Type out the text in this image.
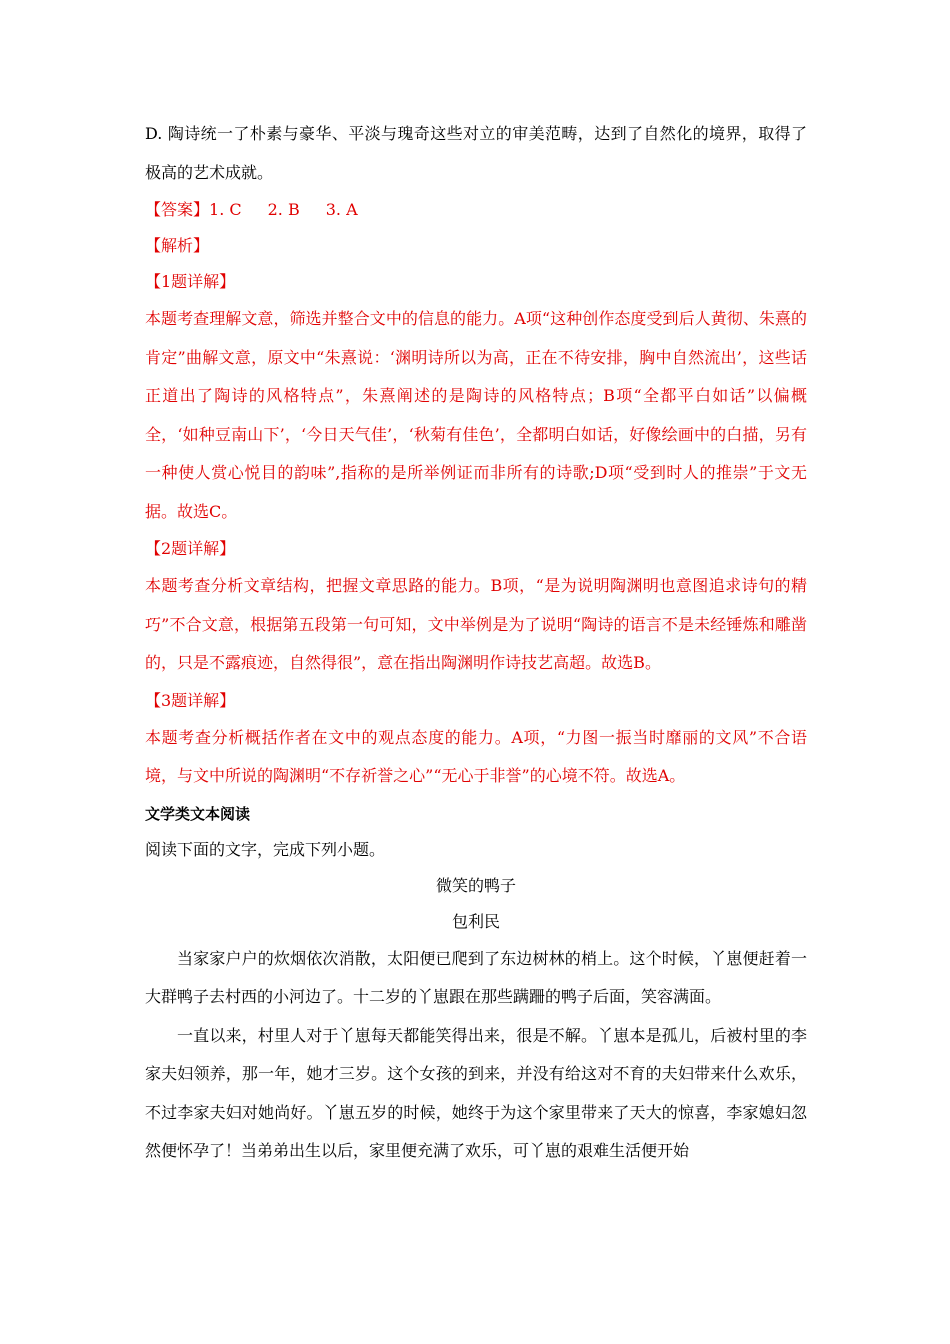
D. 陶诗统一了朴素与豪华、平淡与瑰奇这些对立的审美范畴，达到了自然化的境界，取得了极高的艺术成就。

【答案】1. C 2. B 3. A

【解析】

【1题详解】

本题考查理解文意，筛选并整合文中的信息的能力。A项“这种创作态度受到后人黄彻、朱熹的肯定”曲解文意，原文中“朱熹说：‘渊明诗所以为高，正在不待安排，胸中自然流出’，这些话正道出了陶诗的风格特点”，朱熹阐述的是陶诗的风格特点；B项“全都平白如话”以偏概全，‘如种豆南山下’，‘今日天气佳’，‘秋菊有佳色’，全都明白如话，好像绘画中的白描，另有一种使人赏心悦目的韵味”,指称的是所举例证而非所有的诗歌;D项“受到时人的推崇”于文无据。故选C。

【2题详解】

本题考查分析文章结构，把握文章思路的能力。B项，“是为说明陶渊明也意图追求诗句的精巧”不合文意，根据第五段第一句可知，文中举例是为了说明“陶诗的语言不是未经锤炼和雕凿的，只是不露痕迹，自然得很”，意在指出陶渊明作诗技艺高超。故选B。

【3题详解】

本题考查分析概括作者在文中的观点态度的能力。A项，“力图一振当时靡丽的文风”不合语境，与文中所说的陶渊明“不存祈誉之心”“无心于非誉”的心境不符。故选A。

文学类文本阅读

阅读下面的文字，完成下列小题。

微笑的鸭子

包利民

当家家户户的炊烟依次消散，太阳便已爬到了东边树林的梢上。这个时候，丫崽便赶着一大群鸭子去村西的小河边了。十二岁的丫崽跟在那些蹒跚的鸭子后面，笑容满面。

一直以来，村里人对于丫崽每天都能笑得出来，很是不解。丫崽本是孤儿，后被村里的李家夫妇领养，那一年，她才三岁。这个女孩的到来，并没有给这对不育的夫妇带来什么欢乐，不过李家夫妇对她尚好。丫崽五岁的时候，她终于为这个家里带来了天大的惊喜，李家媳妇忽然便怀孕了！当弟弟出生以后，家里便充满了欢乐，可丫崽的艰难生活便开始
